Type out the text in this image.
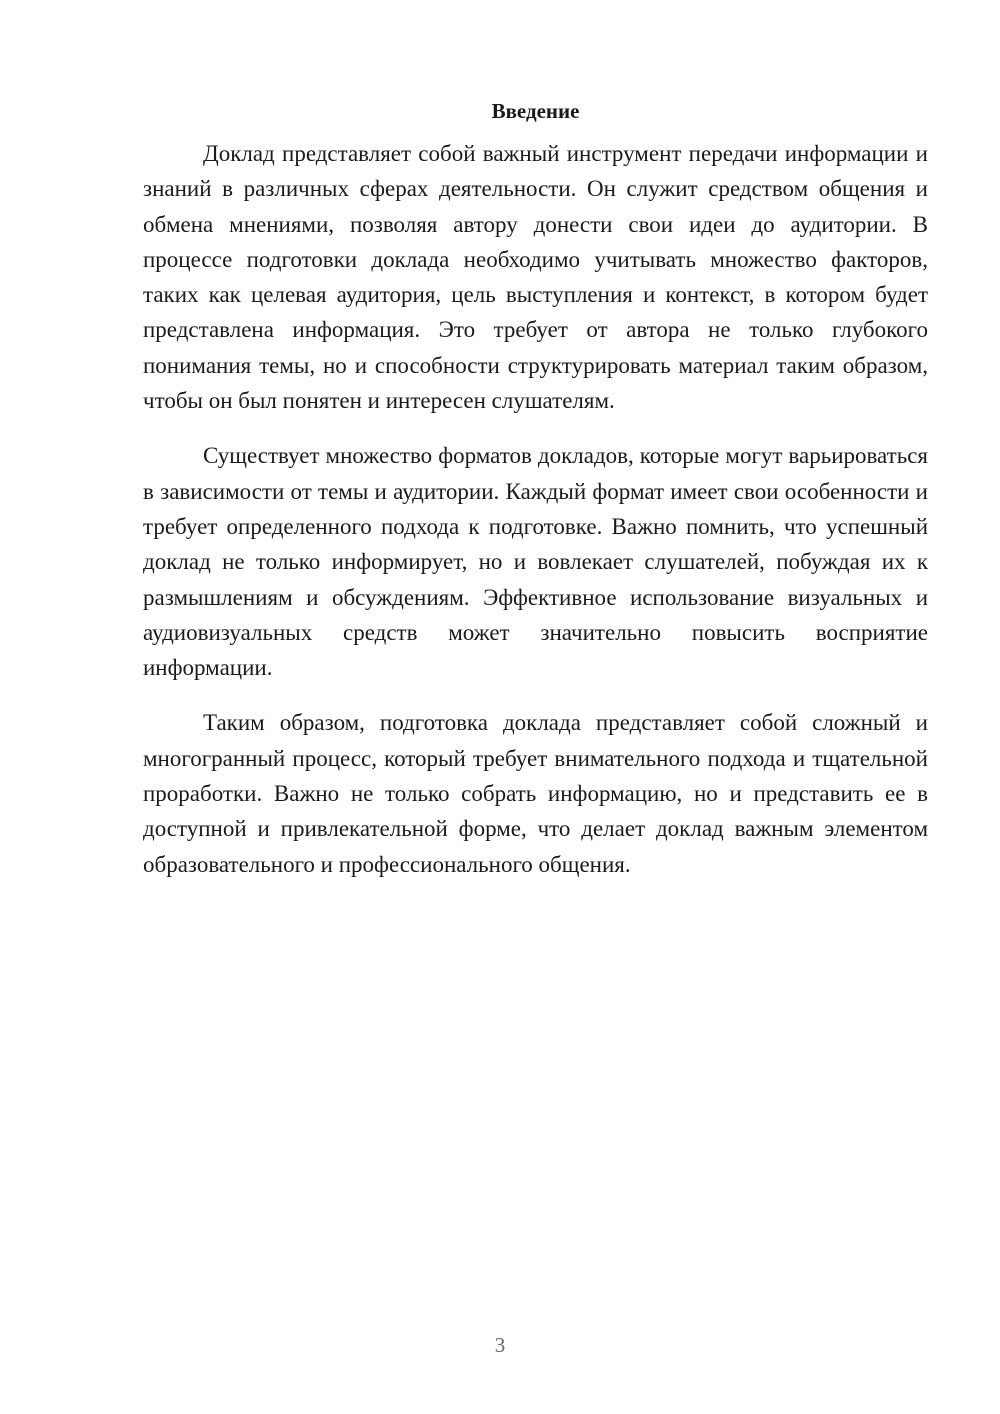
Введение

Доклад представляет собой важный инструмент передачи информации и знаний в различных сферах деятельности. Он служит средством общения и обмена мнениями, позволяя автору донести свои идеи до аудитории. В процессе подготовки доклада необходимо учитывать множество факторов, таких как целевая аудитория, цель выступления и контекст, в котором будет представлена информация. Это требует от автора не только глубокого понимания темы, но и способности структурировать материал таким образом, чтобы он был понятен и интересен слушателям.

Существует множество форматов докладов, которые могут варьироваться в зависимости от темы и аудитории. Каждый формат имеет свои особенности и требует определенного подхода к подготовке. Важно помнить, что успешный доклад не только информирует, но и вовлекает слушателей, побуждая их к размышлениям и обсуждениям. Эффективное использование визуальных и аудиовизуальных средств может значительно повысить восприятие информации.

Таким образом, подготовка доклада представляет собой сложный и многогранный процесс, который требует внимательного подхода и тщательной проработки. Важно не только собрать информацию, но и представить ее в доступной и привлекательной форме, что делает доклад важным элементом образовательного и профессионального общения.

3
